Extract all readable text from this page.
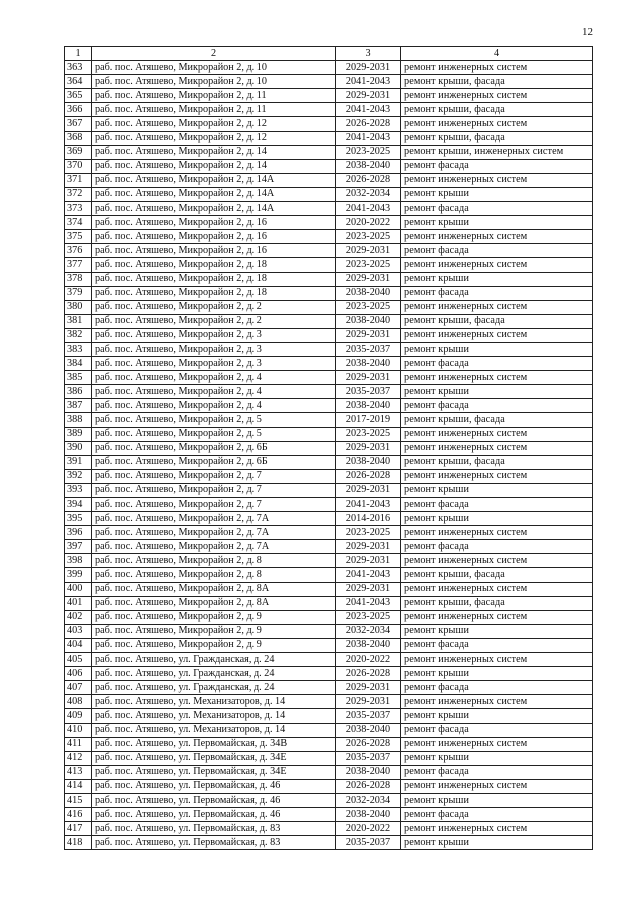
12
1	2	3	4
363	раб. пос. Атяшево, Микрорайон 2, д. 10	2029-2031	ремонт инженерных систем
364	раб. пос. Атяшево, Микрорайон 2, д. 10	2041-2043	ремонт крыши, фасада
365	раб. пос. Атяшево, Микрорайон 2, д. 11	2029-2031	ремонт инженерных систем
366	раб. пос. Атяшево, Микрорайон 2, д. 11	2041-2043	ремонт крыши, фасада
367	раб. пос. Атяшево, Микрорайон 2, д. 12	2026-2028	ремонт инженерных систем
368	раб. пос. Атяшево, Микрорайон 2, д. 12	2041-2043	ремонт крыши, фасада
369	раб. пос. Атяшево, Микрорайон 2, д. 14	2023-2025	ремонт крыши, инженерных систем
370	раб. пос. Атяшево, Микрорайон 2, д. 14	2038-2040	ремонт фасада
371	раб. пос. Атяшево, Микрорайон 2, д. 14А	2026-2028	ремонт инженерных систем
372	раб. пос. Атяшево, Микрорайон 2, д. 14А	2032-2034	ремонт крыши
373	раб. пос. Атяшево, Микрорайон 2, д. 14А	2041-2043	ремонт фасада
374	раб. пос. Атяшево, Микрорайон 2, д. 16	2020-2022	ремонт крыши
375	раб. пос. Атяшево, Микрорайон 2, д. 16	2023-2025	ремонт инженерных систем
376	раб. пос. Атяшево, Микрорайон 2, д. 16	2029-2031	ремонт фасада
377	раб. пос. Атяшево, Микрорайон 2, д. 18	2023-2025	ремонт инженерных систем
378	раб. пос. Атяшево, Микрорайон 2, д. 18	2029-2031	ремонт крыши
379	раб. пос. Атяшево, Микрорайон 2, д. 18	2038-2040	ремонт фасада
380	раб. пос. Атяшево, Микрорайон 2, д. 2	2023-2025	ремонт инженерных систем
381	раб. пос. Атяшево, Микрорайон 2, д. 2	2038-2040	ремонт крыши, фасада
382	раб. пос. Атяшево, Микрорайон 2, д. 3	2029-2031	ремонт инженерных систем
383	раб. пос. Атяшево, Микрорайон 2, д. 3	2035-2037	ремонт крыши
384	раб. пос. Атяшево, Микрорайон 2, д. 3	2038-2040	ремонт фасада
385	раб. пос. Атяшево, Микрорайон 2, д. 4	2029-2031	ремонт инженерных систем
386	раб. пос. Атяшево, Микрорайон 2, д. 4	2035-2037	ремонт крыши
387	раб. пос. Атяшево, Микрорайон 2, д. 4	2038-2040	ремонт фасада
388	раб. пос. Атяшево, Микрорайон 2, д. 5	2017-2019	ремонт крыши, фасада
389	раб. пос. Атяшево, Микрорайон 2, д. 5	2023-2025	ремонт инженерных систем
390	раб. пос. Атяшево, Микрорайон 2, д. 6Б	2029-2031	ремонт инженерных систем
391	раб. пос. Атяшево, Микрорайон 2, д. 6Б	2038-2040	ремонт крыши, фасада
392	раб. пос. Атяшево, Микрорайон 2, д. 7	2026-2028	ремонт инженерных систем
393	раб. пос. Атяшево, Микрорайон 2, д. 7	2029-2031	ремонт крыши
394	раб. пос. Атяшево, Микрорайон 2, д. 7	2041-2043	ремонт фасада
395	раб. пос. Атяшево, Микрорайон 2, д. 7А	2014-2016	ремонт крыши
396	раб. пос. Атяшево, Микрорайон 2, д. 7А	2023-2025	ремонт инженерных систем
397	раб. пос. Атяшево, Микрорайон 2, д. 7А	2029-2031	ремонт фасада
398	раб. пос. Атяшево, Микрорайон 2, д. 8	2029-2031	ремонт инженерных систем
399	раб. пос. Атяшево, Микрорайон 2, д. 8	2041-2043	ремонт крыши, фасада
400	раб. пос. Атяшево, Микрорайон 2, д. 8А	2029-2031	ремонт инженерных систем
401	раб. пос. Атяшево, Микрорайон 2, д. 8А	2041-2043	ремонт крыши, фасада
402	раб. пос. Атяшево, Микрорайон 2, д. 9	2023-2025	ремонт инженерных систем
403	раб. пос. Атяшево, Микрорайон 2, д. 9	2032-2034	ремонт крыши
404	раб. пос. Атяшево, Микрорайон 2, д. 9	2038-2040	ремонт фасада
405	раб. пос. Атяшево, ул. Гражданская, д. 24	2020-2022	ремонт инженерных систем
406	раб. пос. Атяшево, ул. Гражданская, д. 24	2026-2028	ремонт крыши
407	раб. пос. Атяшево, ул. Гражданская, д. 24	2029-2031	ремонт фасада
408	раб. пос. Атяшево, ул. Механизаторов, д. 14	2029-2031	ремонт инженерных систем
409	раб. пос. Атяшево, ул. Механизаторов, д. 14	2035-2037	ремонт крыши
410	раб. пос. Атяшево, ул. Механизаторов, д. 14	2038-2040	ремонт фасада
411	раб. пос. Атяшево, ул. Первомайская, д. 34В	2026-2028	ремонт инженерных систем
412	раб. пос. Атяшево, ул. Первомайская, д. 34Е	2035-2037	ремонт крыши
413	раб. пос. Атяшево, ул. Первомайская, д. 34Е	2038-2040	ремонт фасада
414	раб. пос. Атяшево, ул. Первомайская, д. 46	2026-2028	ремонт инженерных систем
415	раб. пос. Атяшево, ул. Первомайская, д. 46	2032-2034	ремонт крыши
416	раб. пос. Атяшево, ул. Первомайская, д. 46	2038-2040	ремонт фасада
417	раб. пос. Атяшево, ул. Первомайская, д. 83	2020-2022	ремонт инженерных систем
418	раб. пос. Атяшево, ул. Первомайская, д. 83	2035-2037	ремонт крыши
